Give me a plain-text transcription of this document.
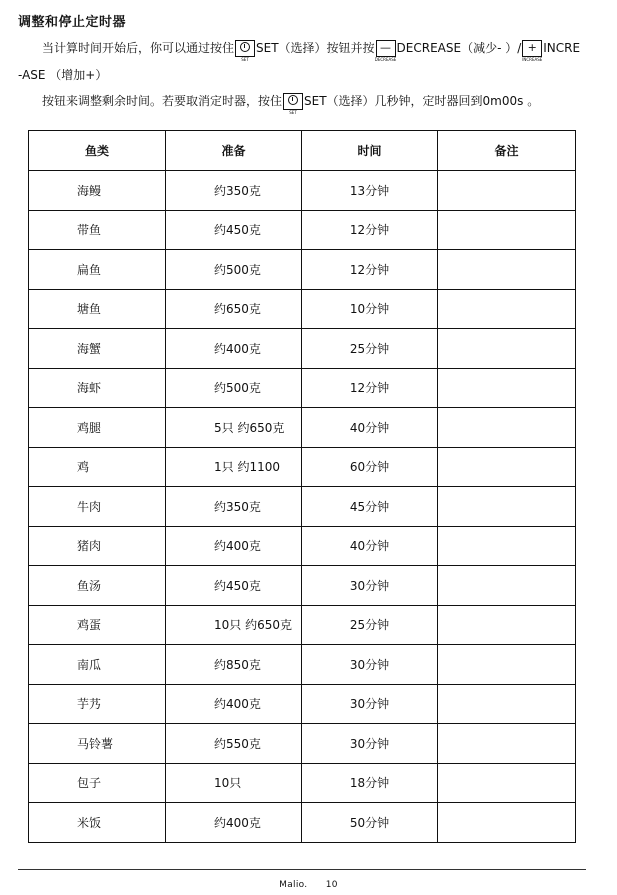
调整和停止定时器
当计算时间开始后，你可以通过按住
SET
SET（选择）按钮并按 —
DECREASE
DECREASE（减少- ）/ +
INCREASE
INCRE
-ASE （增加+）
按钮来调整剩余时间。若要取消定时器，按住
SET
SET（选择）几秒钟，定时器回到0m00s 。
鱼类	准备	时间	备注
海鳗	约350克	13分钟	
带鱼	约450克	12分钟	
扁鱼	约500克	12分钟	
塘鱼	约650克	10分钟	
海蟹	约400克	25分钟	
海虾	约500克	12分钟	
鸡腿	5只 约650克	40分钟	
鸡	1只 约1100	60分钟	
牛肉	约350克	45分钟	
猪肉	约400克	40分钟	
鱼汤	约450克	30分钟	
鸡蛋	10只 约650克	25分钟	
南瓜	约850克	30分钟	
芋艿	约400克	30分钟	
马铃薯	约550克	30分钟	
包子	10只	18分钟	
米饭	约400克	50分钟	
Malio. 10
